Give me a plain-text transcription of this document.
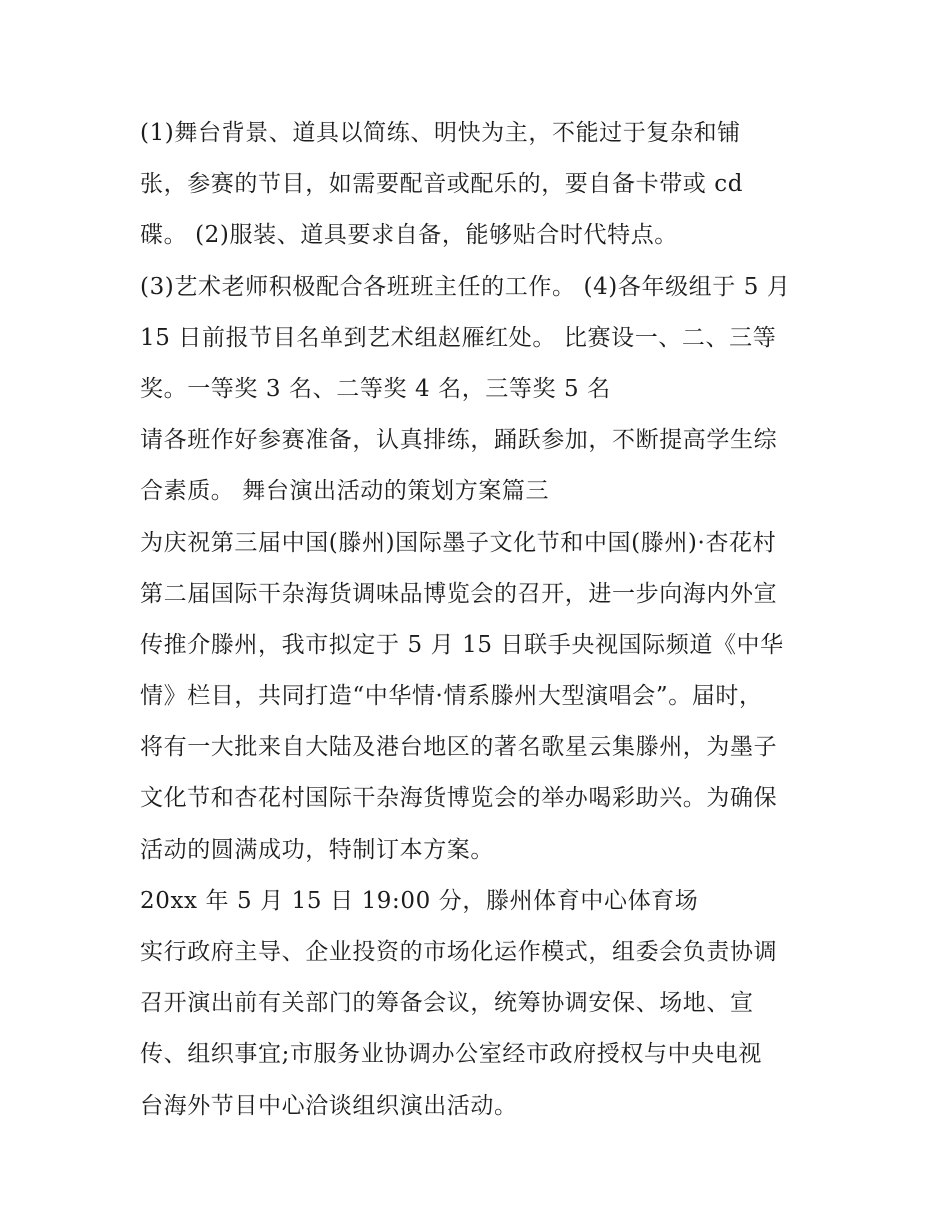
(1)舞台背景、道具以简练、明快为主，不能过于复杂和铺
张，参赛的节目，如需要配音或配乐的，要自备卡带或 cd
碟。 (2)服装、道具要求自备，能够贴合时代特点。
(3)艺术老师积极配合各班班主任的工作。 (4)各年级组于 5 月
15 日前报节目名单到艺术组赵雁红处。 比赛设一、二、三等
奖。一等奖 3 名、二等奖 4 名，三等奖 5 名
请各班作好参赛准备，认真排练，踊跃参加，不断提高学生综
合素质。 舞台演出活动的策划方案篇三
为庆祝第三届中国(滕州)国际墨子文化节和中国(滕州)·杏花村
第二届国际干杂海货调味品博览会的召开，进一步向海内外宣
传推介滕州，我市拟定于 5 月 15 日联手央视国际频道《中华
情》栏目，共同打造“中华情·情系滕州大型演唱会”。届时，
将有一大批来自大陆及港台地区的著名歌星云集滕州，为墨子
文化节和杏花村国际干杂海货博览会的举办喝彩助兴。为确保
活动的圆满成功，特制订本方案。
20xx 年 5 月 15 日 19:00 分，滕州体育中心体育场
实行政府主导、企业投资的市场化运作模式，组委会负责协调
召开演出前有关部门的筹备会议，统筹协调安保、场地、宣
传、组织事宜;市服务业协调办公室经市政府授权与中央电视
台海外节目中心洽谈组织演出活动。
